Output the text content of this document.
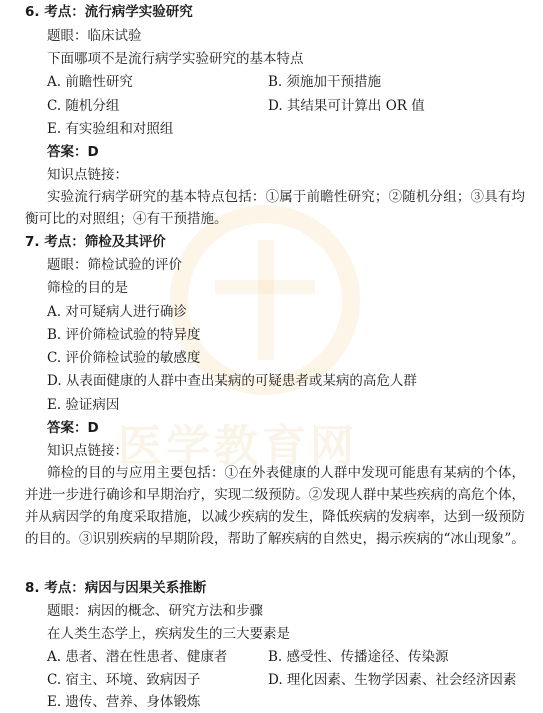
医学教育网
6. 考点：流行病学实验研究
题眼：临床试验
下面哪项不是流行病学实验研究的基本特点
A. 前瞻性研究	B. 须施加干预措施
C. 随机分组	D. 其结果可计算出 OR 值
E. 有实验组和对照组
答案：D
知识点链接：
实验流行病学研究的基本特点包括：①属于前瞻性研究；②随机分组；③具有均衡可比的对照组；④有干预措施。
7. 考点：筛检及其评价
题眼：筛检试验的评价
筛检的目的是
A. 对可疑病人进行确诊
B. 评价筛检试验的特异度
C. 评价筛检试验的敏感度
D. 从表面健康的人群中查出某病的可疑患者或某病的高危人群
E. 验证病因
答案：D
知识点链接：
筛检的目的与应用主要包括：①在外表健康的人群中发现可能患有某病的个体，并进一步进行确诊和早期治疗，实现二级预防。②发现人群中某些疾病的高危个体，并从病因学的角度采取措施，以减少疾病的发生，降低疾病的发病率，达到一级预防的目的。③识别疾病的早期阶段，帮助了解疾病的自然史，揭示疾病的“冰山现象”。
8. 考点：病因与因果关系推断
题眼：病因的概念、研究方法和步骤
在人类生态学上，疾病发生的三大要素是
A. 患者、潜在性患者、健康者	B. 感受性、传播途径、传染源
C. 宿主、环境、致病因子	D. 理化因素、生物学因素、社会经济因素
E. 遗传、营养、身体锻炼
